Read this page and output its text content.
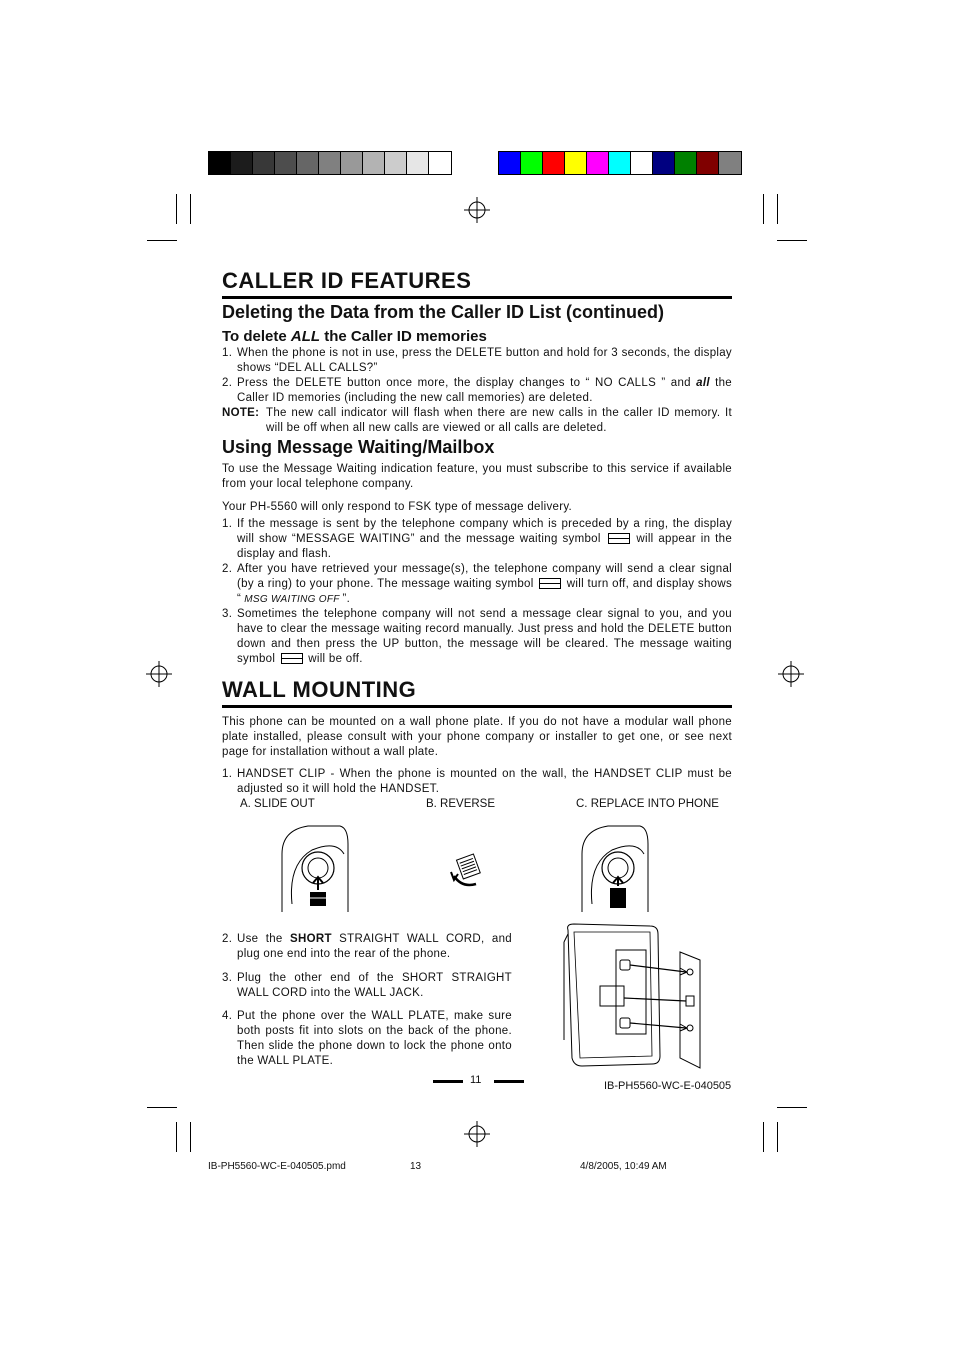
CALLER ID FEATURES
Deleting the Data from the Caller ID List (continued)
To delete ALL the Caller ID memories
1. When the phone is not in use, press the DELETE button and hold for 3 seconds, the display shows “DEL ALL CALLS?”
2. Press the DELETE button once more, the display changes to “ NO CALLS ” and all the Caller ID memories (including the new call memories) are deleted.
NOTE: The new call indicator will flash when there are new calls in the caller ID memory. It will be off when all new calls are viewed or all calls are deleted.
Using Message Waiting/Mailbox

To use the Message Waiting indication feature, you must subscribe to this service if available from your local telephone company.

Your PH-5560 will only respond to FSK type of message delivery.

1. If the message is sent by the telephone company which is preceded by a ring, the display will show “MESSAGE WAITING” and the message waiting symbol	will appear in the display and flash.
2. After you have retrieved your message(s), the telephone company will send a clear signal (by a ring) to your phone. The message waiting symbol	will turn off, and display shows “ MSG WAITING OFF ”.
3. Sometimes the telephone company will not send a message clear signal to you, and you have to clear the message waiting record manually. Just press and hold the DELETE button down and then press the UP button, the message will be cleared. The message waiting symbol	will be off.
WALL MOUNTING

This phone can be mounted on a wall phone plate. If you do not have a modular wall phone plate installed, please consult with your phone company or installer to get one, or see next page for installation without a wall plate.

1. HANDSET CLIP - When the phone is mounted on the wall, the HANDSET CLIP must be adjusted so it will hold the HANDSET.
A. SLIDE OUT	B. REVERSE	C. REPLACE INTO PHONE
2. Use the SHORT STRAIGHT WALL CORD, and plug one end into the rear of the phone.
3. Plug the other end of the SHORT STRAIGHT WALL CORD into the WALL JACK.
4. Put the phone over the WALL PLATE, make sure both posts fit into slots on the back of the phone. Then slide the phone down to lock the phone onto the WALL PLATE.
11	IB-PH5560-WC-E-040505
IB-PH5560-WC-E-040505.pmd	13	4/8/2005, 10:49 AM
